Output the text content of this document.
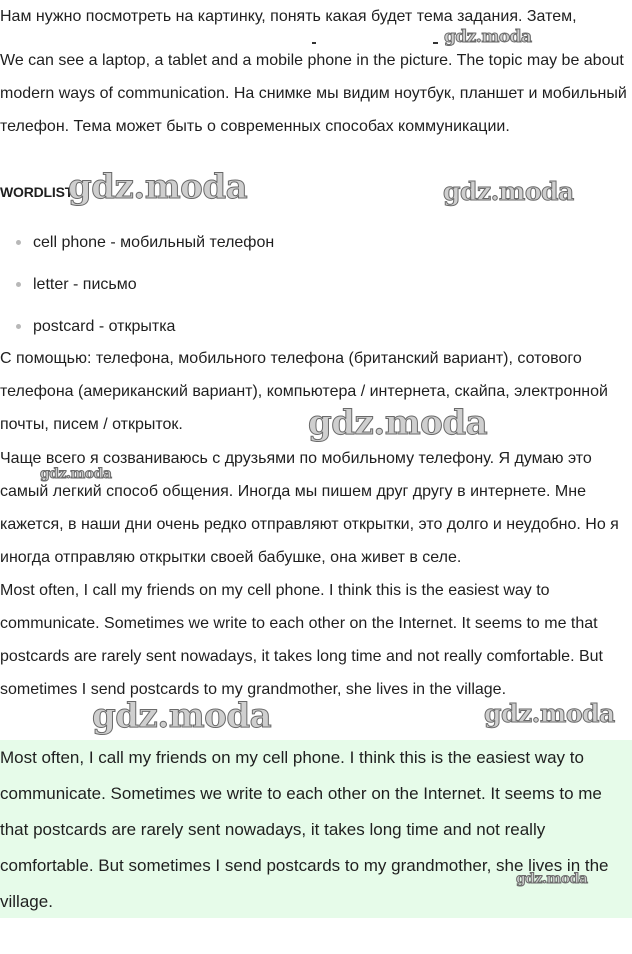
Нам нужно посмотреть на картинку, понять какая будет тема задания. Затем,

We can see a laptop, a tablet and a mobile phone in the picture. The topic may be about modern ways of communication. На снимке мы видим ноутбук, планшет и мобильный телефон. Тема может быть о современных способах коммуникации.

WORDLIST
cell phone - мобильный телефон
letter - письмо
postcard - открытка

С помощью: телефона, мобильного телефона (британский вариант), сотового телефона (американский вариант), компьютера / интернета, скайпа, электронной почты, писем / открыток.

Чаще всего я созваниваюсь с друзьями по мобильному телефону. Я думаю это самый легкий способ общения. Иногда мы пишем друг другу в интернете. Мне кажется, в наши дни очень редко отправляют открытки, это долго и неудобно. Но я иногда отправляю открытки своей бабушке, она живет в селе.

Most often, I call my friends on my cell phone. I think this is the easiest way to communicate. Sometimes we write to each other on the Internet. It seems to me that postcards are rarely sent nowadays, it takes long time and not really comfortable. But sometimes I send postcards to my grandmother, she lives in the village.

Most often, I call my friends on my cell phone. I think this is the easiest way to communicate. Sometimes we write to each other on the Internet. It seems to me that postcards are rarely sent nowadays, it takes long time and not really comfortable. But sometimes I send postcards to my grandmother, she lives in the village.
gdz.moda
gdz.moda	gdz.moda
gdz.moda
gdz.moda
gdz.moda	gdz.moda
gdz.moda
